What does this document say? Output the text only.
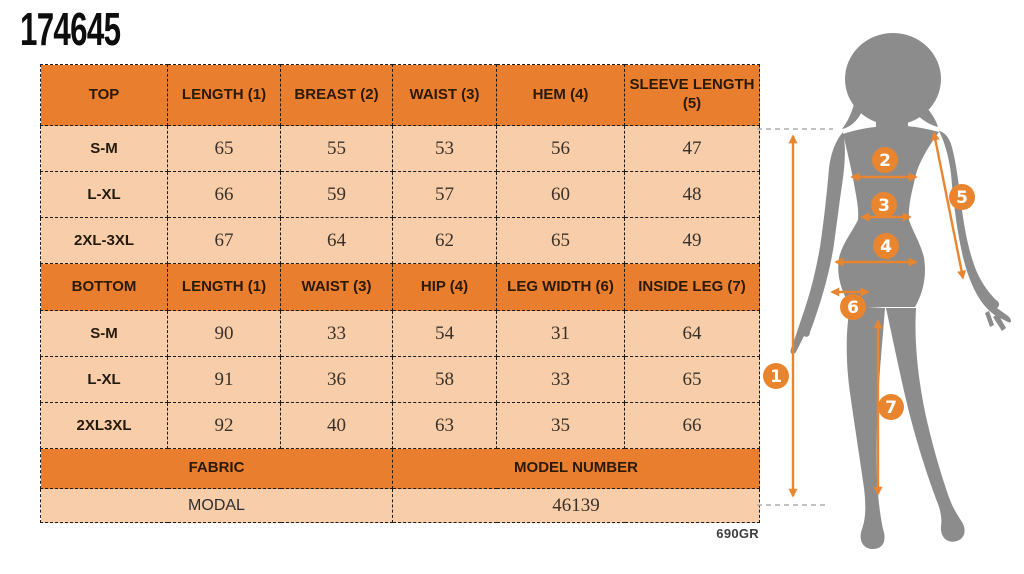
174645
TOP	LENGTH (1)	BREAST (2)	WAIST (3)	HEM (4)	SLEEVE LENGTH (5)
S-M	65	55	53	56	47
L-XL	66	59	57	60	48
2XL-3XL	67	64	62	65	49
BOTTOM	LENGTH (1)	WAIST (3)	HIP (4)	LEG WIDTH (6)	INSIDE LEG (7)
S-M	90	33	54	31	64
L-XL	91	36	58	33	65
2XL3XL	92	40	63	35	66
FABRIC			MODEL NUMBER		
MODAL			46139		
690GR
1
2
3
4
5
6
7
